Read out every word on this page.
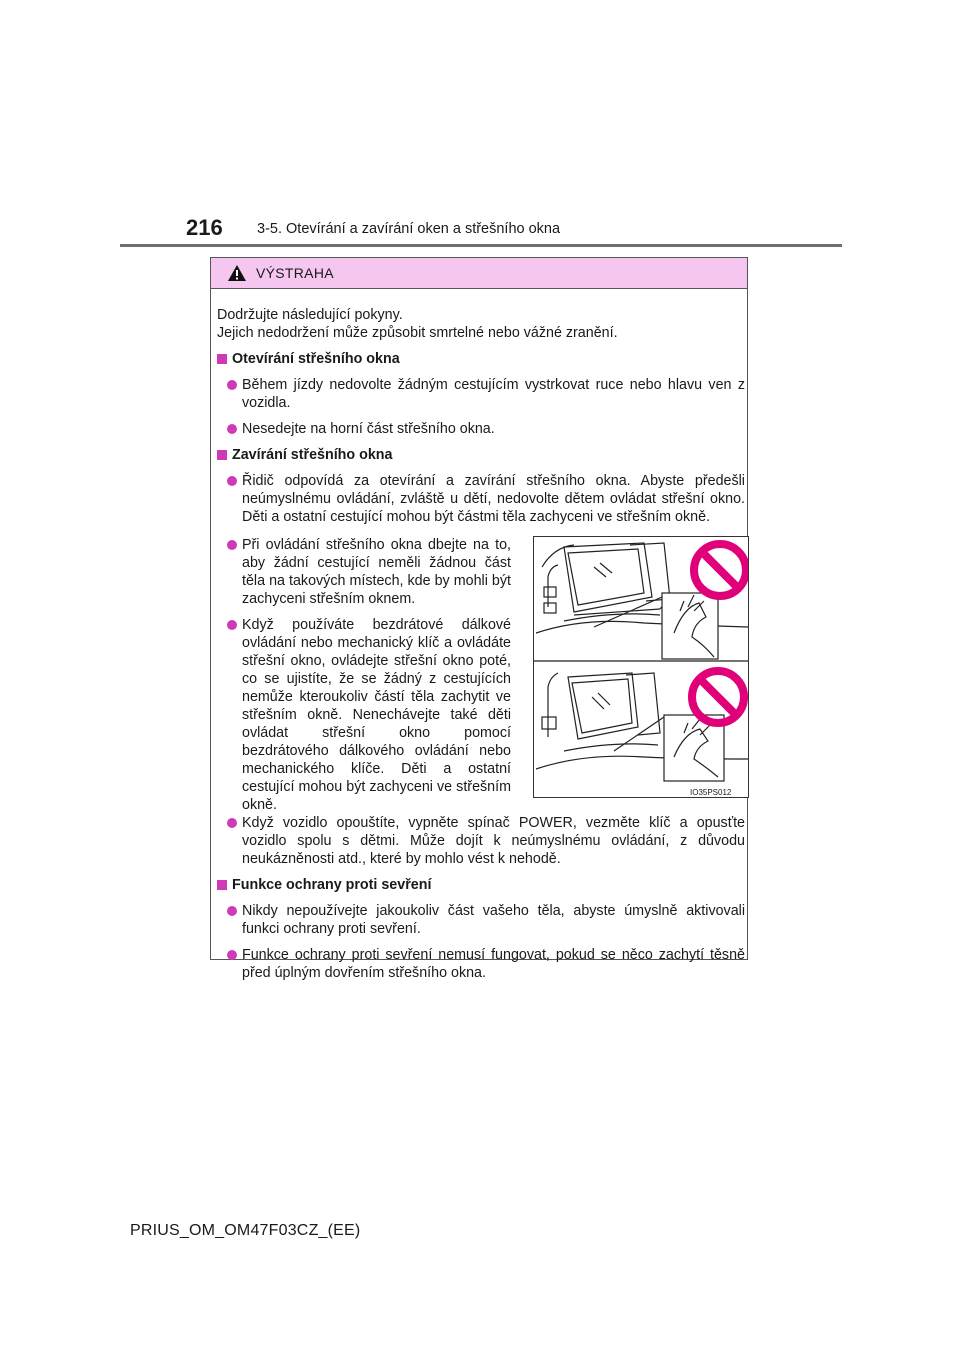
216 3-5. Otevírání a zavírání oken a střešního okna
VÝSTRAHA

Dodržujte následující pokyny.

Jejich nedodržení může způsobit smrtelné nebo vážné zranění.

Otevírání střešního okna
Během jízdy nedovolte žádným cestujícím vystrkovat ruce nebo hlavu ven z vozidla.
Nesedejte na horní část střešního okna.
Zavírání střešního okna
Řidič odpovídá za otevírání a zavírání střešního okna. Abyste předešli neúmyslnému ovládání, zvláště u dětí, nedovolte dětem ovládat střešní okno. Děti a ostatní cestující mohou být částmi těla zachyceni ve střešním okně.
Při ovládání střešního okna dbejte na to, aby žádní cestující neměli žádnou část těla na takových místech, kde by mohli být zachyceni střešním oknem.
Když používáte bezdrátové dálkové ovládání nebo mechanický klíč a ovládáte střešní okno, ovládejte střešní okno poté, co se ujistíte, že se žádný z cestujících nemůže kteroukoliv částí těla zachytit ve střešním okně. Nenechávejte také děti ovládat střešní okno pomocí bezdrátového dálkového ovládání nebo mechanického klíče. Děti a ostatní cestující mohou být zachyceni ve střešním okně.
IO35PS012
Když vozidlo opouštíte, vypněte spínač POWER, vezměte klíč a opusťte vozidlo spolu s dětmi. Může dojít k neúmyslnému ovládání, z důvodu neukázněnosti atd., které by mohlo vést k nehodě.
Funkce ochrany proti sevření
Nikdy nepoužívejte jakoukoliv část vašeho těla, abyste úmyslně aktivovali funkci ochrany proti sevření.
Funkce ochrany proti sevření nemusí fungovat, pokud se něco zachytí těsně před úplným dovřením střešního okna.
PRIUS_OM_OM47F03CZ_(EE)
